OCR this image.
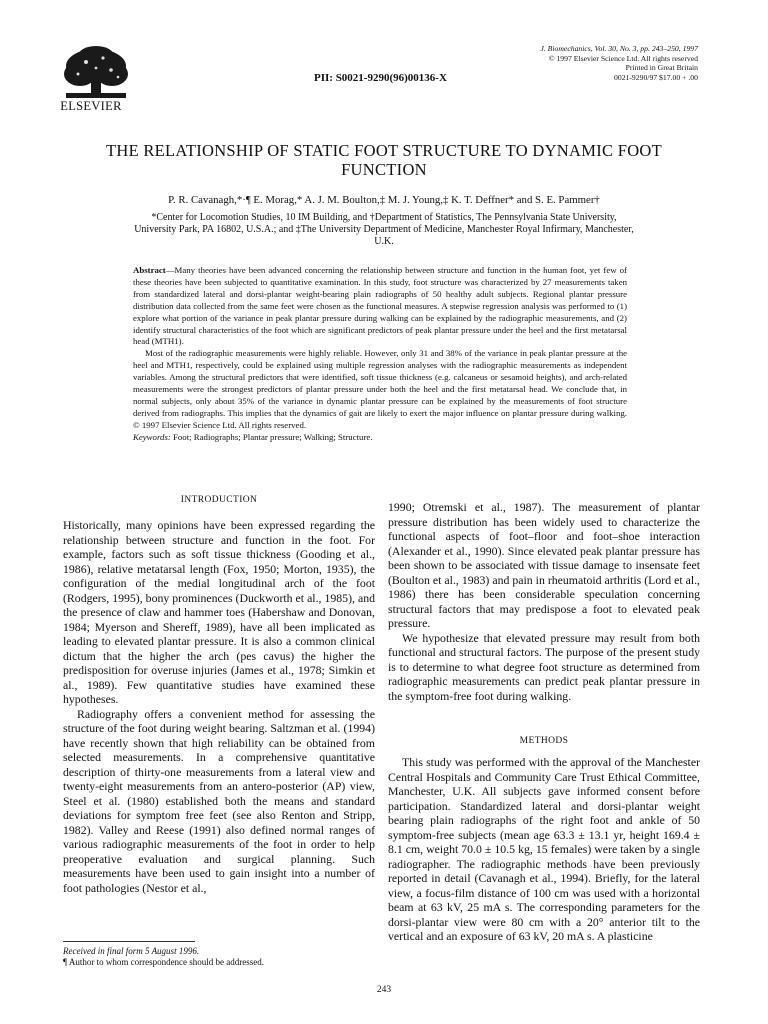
ELSEVIER
PII: S0021-9290(96)00136-X
J. Biomechanics, Vol. 30, No. 3, pp. 243–250, 1997
© 1997 Elsevier Science Ltd. All rights reserved
Printed in Great Britain
0021-9290/97 $17.00 + .00
THE RELATIONSHIP OF STATIC FOOT STRUCTURE TO DYNAMIC FOOT FUNCTION
P. R. Cavanagh,*·¶ E. Morag,* A. J. M. Boulton,‡ M. J. Young,‡ K. T. Deffner* and S. E. Pammer†
*Center for Locomotion Studies, 10 IM Building, and †Department of Statistics, The Pennsylvania State University, University Park, PA 16802, U.S.A.; and ‡The University Department of Medicine, Manchester Royal Infirmary, Manchester, U.K.

Abstract—Many theories have been advanced concerning the relationship between structure and function in the human foot, yet few of these theories have been subjected to quantitative examination. In this study, foot structure was characterized by 27 measurements taken from standardized lateral and dorsi-plantar weight-bearing plain radiographs of 50 healthy adult subjects. Regional plantar pressure distribution data collected from the same feet were chosen as the functional measures. A stepwise regression analysis was performed to (1) explore what portion of the variance in peak plantar pressure during walking can be explained by the radiographic measurements, and (2) identify structural characteristics of the foot which are significant predictors of peak plantar pressure under the heel and the first metatarsal head (MTH1).

Most of the radiographic measurements were highly reliable. However, only 31 and 38% of the variance in peak plantar pressure at the heel and MTH1, respectively, could be explained using multiple regression analyses with the radiographic measurements as independent variables. Among the structural predictors that were identified, soft tissue thickness (e.g. calcaneus or sesamoid heights), and arch-related measurements were the strongest predictors of plantar pressure under both the heel and the first metatarsal head. We conclude that, in normal subjects, only about 35% of the variance in dynamic plantar pressure can be explained by the measurements of foot structure derived from radiographs. This implies that the dynamics of gait are likely to exert the major influence on plantar pressure during walking. © 1997 Elsevier Science Ltd. All rights reserved.

Keywords: Foot; Radiographs; Plantar pressure; Walking; Structure.

INTRODUCTION

Historically, many opinions have been expressed regarding the relationship between structure and function in the foot. For example, factors such as soft tissue thickness (Gooding et al., 1986), relative metatarsal length (Fox, 1950; Morton, 1935), the configuration of the medial longitudinal arch of the foot (Rodgers, 1995), bony prominences (Duckworth et al., 1985), and the presence of claw and hammer toes (Habershaw and Donovan, 1984; Myerson and Shereff, 1989), have all been implicated as leading to elevated plantar pressure. It is also a common clinical dictum that the higher the arch (pes cavus) the higher the predisposition for overuse injuries (James et al., 1978; Simkin et al., 1989). Few quantitative studies have examined these hypotheses.

Radiography offers a convenient method for assessing the structure of the foot during weight bearing. Saltzman et al. (1994) have recently shown that high reliability can be obtained from selected measurements. In a comprehensive quantitative description of thirty-one measurements from a lateral view and twenty-eight measurements from an antero-posterior (AP) view, Steel et al. (1980) established both the means and standard deviations for symptom free feet (see also Renton and Stripp, 1982). Valley and Reese (1991) also defined normal ranges of various radiographic measurements of the foot in order to help preoperative evaluation and surgical planning. Such measurements have been used to gain insight into a number of foot pathologies (Nestor et al.,

1990; Otremski et al., 1987). The measurement of plantar pressure distribution has been widely used to characterize the functional aspects of foot–floor and foot–shoe interaction (Alexander et al., 1990). Since elevated peak plantar pressure has been shown to be associated with tissue damage to insensate feet (Boulton et al., 1983) and pain in rheumatoid arthritis (Lord et al., 1986) there has been considerable speculation concerning structural factors that may predispose a foot to elevated peak pressure.

We hypothesize that elevated pressure may result from both functional and structural factors. The purpose of the present study is to determine to what degree foot structure as determined from radiographic measurements can predict peak plantar pressure in the symptom-free foot during walking.

METHODS

This study was performed with the approval of the Manchester Central Hospitals and Community Care Trust Ethical Committee, Manchester, U.K. All subjects gave informed consent before participation. Standardized lateral and dorsi-plantar weight bearing plain radiographs of the right foot and ankle of 50 symptom-free subjects (mean age 63.3 ± 13.1 yr, height 169.4 ± 8.1 cm, weight 70.0 ± 10.5 kg, 15 females) were taken by a single radiographer. The radiographic methods have been previously reported in detail (Cavanagh et al., 1994). Briefly, for the lateral view, a focus-film distance of 100 cm was used with a horizontal beam at 63 kV, 25 mA s. The corresponding parameters for the dorsi-plantar view were 80 cm with a 20° anterior tilt to the vertical and an exposure of 63 kV, 20 mA s. A plasticine

Received in final form 5 August 1996.
¶ Author to whom correspondence should be addressed.
243
